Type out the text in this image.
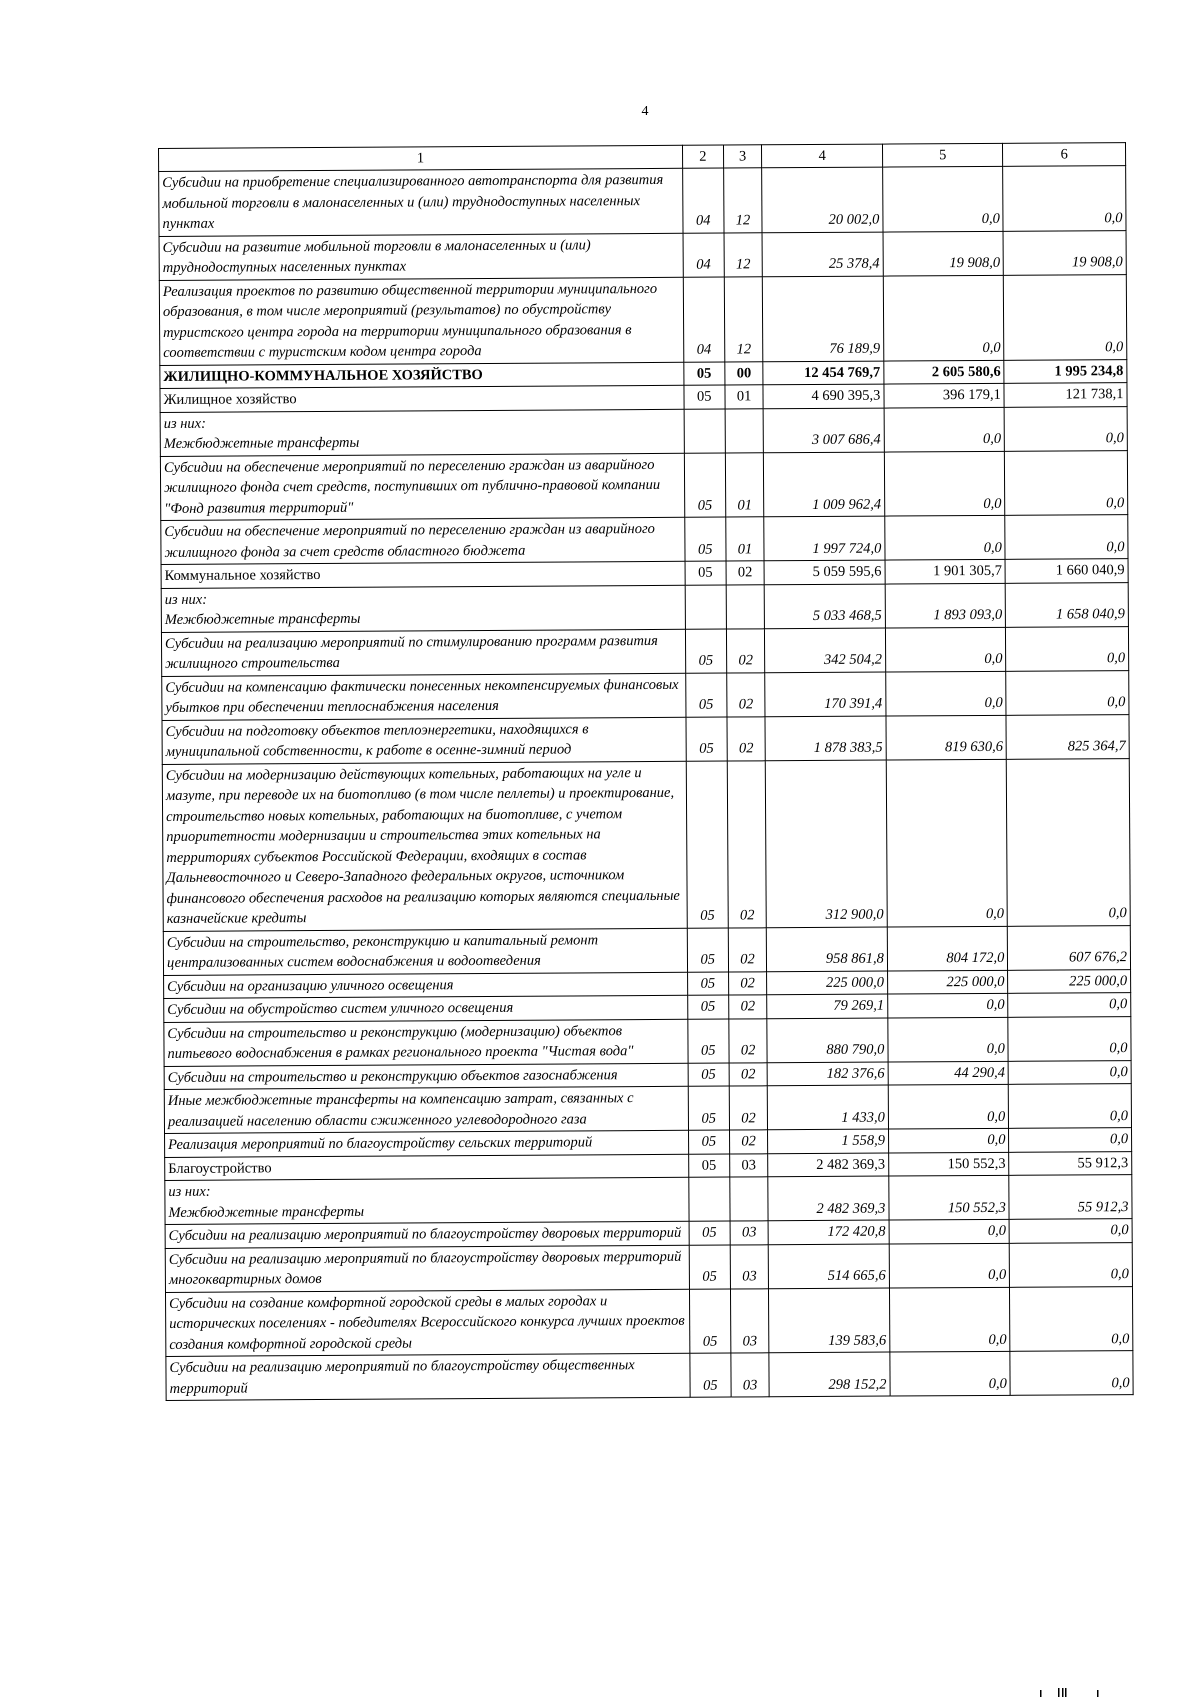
4
1	2	3	4	5	6
Субсидии на приобретение специализированного автотранспорта для развития мобильной торговли в малонаселенных и (или) труднодоступных населенных пунктах	04	12	20 002,0	0,0	0,0
Субсидии на развитие мобильной торговли в малонаселенных и (или) труднодоступных населенных пунктах	04	12	25 378,4	19 908,0	19 908,0
Реализация проектов по развитию общественной территории муниципального образования, в том числе мероприятий (результатов) по обустройству туристского центра города на территории муниципального образования в соответствии с туристским кодом центра города	04	12	76 189,9	0,0	0,0
ЖИЛИЩНО-КОММУНАЛЬНОЕ ХОЗЯЙСТВО	05	00	12 454 769,7	2 605 580,6	1 995 234,8
Жилищное хозяйство	05	01	4 690 395,3	396 179,1	121 738,1
из них:
Межбюджетные трансферты			3 007 686,4	0,0	0,0
Субсидии на обеспечение мероприятий по переселению граждан из аварийного жилищного фонда счет средств, поступивших от публично-правовой компании "Фонд развития территорий"	05	01	1 009 962,4	0,0	0,0
Субсидии на обеспечение мероприятий по переселению граждан из аварийного жилищного фонда за счет средств областного бюджета	05	01	1 997 724,0	0,0	0,0
Коммунальное хозяйство	05	02	5 059 595,6	1 901 305,7	1 660 040,9
из них:
Межбюджетные трансферты			5 033 468,5	1 893 093,0	1 658 040,9
Субсидии на реализацию мероприятий по стимулированию программ развития жилищного строительства	05	02	342 504,2	0,0	0,0
Субсидии на компенсацию фактически понесенных некомпенсируемых финансовых убытков при обеспечении теплоснабжения населения	05	02	170 391,4	0,0	0,0
Субсидии на подготовку объектов теплоэнергетики, находящихся в муниципальной собственности, к работе в осенне-зимний период	05	02	1 878 383,5	819 630,6	825 364,7
Субсидии на модернизацию действующих котельных, работающих на угле и мазуте, при переводе их на биотопливо (в том числе пеллеты) и проектирование, строительство новых котельных, работающих на биотопливе, с учетом приоритетности модернизации и строительства этих котельных на территориях субъектов Российской Федерации, входящих в состав Дальневосточного и Северо-Западного федеральных округов, источником финансового обеспечения расходов на реализацию которых являются специальные казначейские кредиты	05	02	312 900,0	0,0	0,0
Субсидии на строительство, реконструкцию и капитальный ремонт централизованных систем водоснабжения и водоотведения	05	02	958 861,8	804 172,0	607 676,2
Субсидии на организацию уличного освещения	05	02	225 000,0	225 000,0	225 000,0
Субсидии на обустройство систем уличного освещения	05	02	79 269,1	0,0	0,0
Субсидии на строительство и реконструкцию (модернизацию) объектов питьевого водоснабжения в рамках регионального проекта "Чистая вода"	05	02	880 790,0	0,0	0,0
Субсидии на строительство и реконструкцию объектов газоснабжения	05	02	182 376,6	44 290,4	0,0
Иные межбюджетные трансферты на компенсацию затрат, связанных с реализацией населению области сжиженного углеводородного газа	05	02	1 433,0	0,0	0,0
Реализация мероприятий по благоустройству сельских территорий	05	02	1 558,9	0,0	0,0
Благоустройство	05	03	2 482 369,3	150 552,3	55 912,3
из них:
Межбюджетные трансферты			2 482 369,3	150 552,3	55 912,3
Субсидии на реализацию мероприятий по благоустройству дворовых территорий	05	03	172 420,8	0,0	0,0
Субсидии на реализацию мероприятий по благоустройству дворовых территорий многоквартирных домов	05	03	514 665,6	0,0	0,0
Субсидии на создание комфортной городской среды в малых городах и исторических поселениях - победителях Всероссийского конкурса лучших проектов создания комфортной городской среды	05	03	139 583,6	0,0	0,0
Субсидии на реализацию мероприятий по благоустройству общественных территорий	05	03	298 152,2	0,0	0,0
